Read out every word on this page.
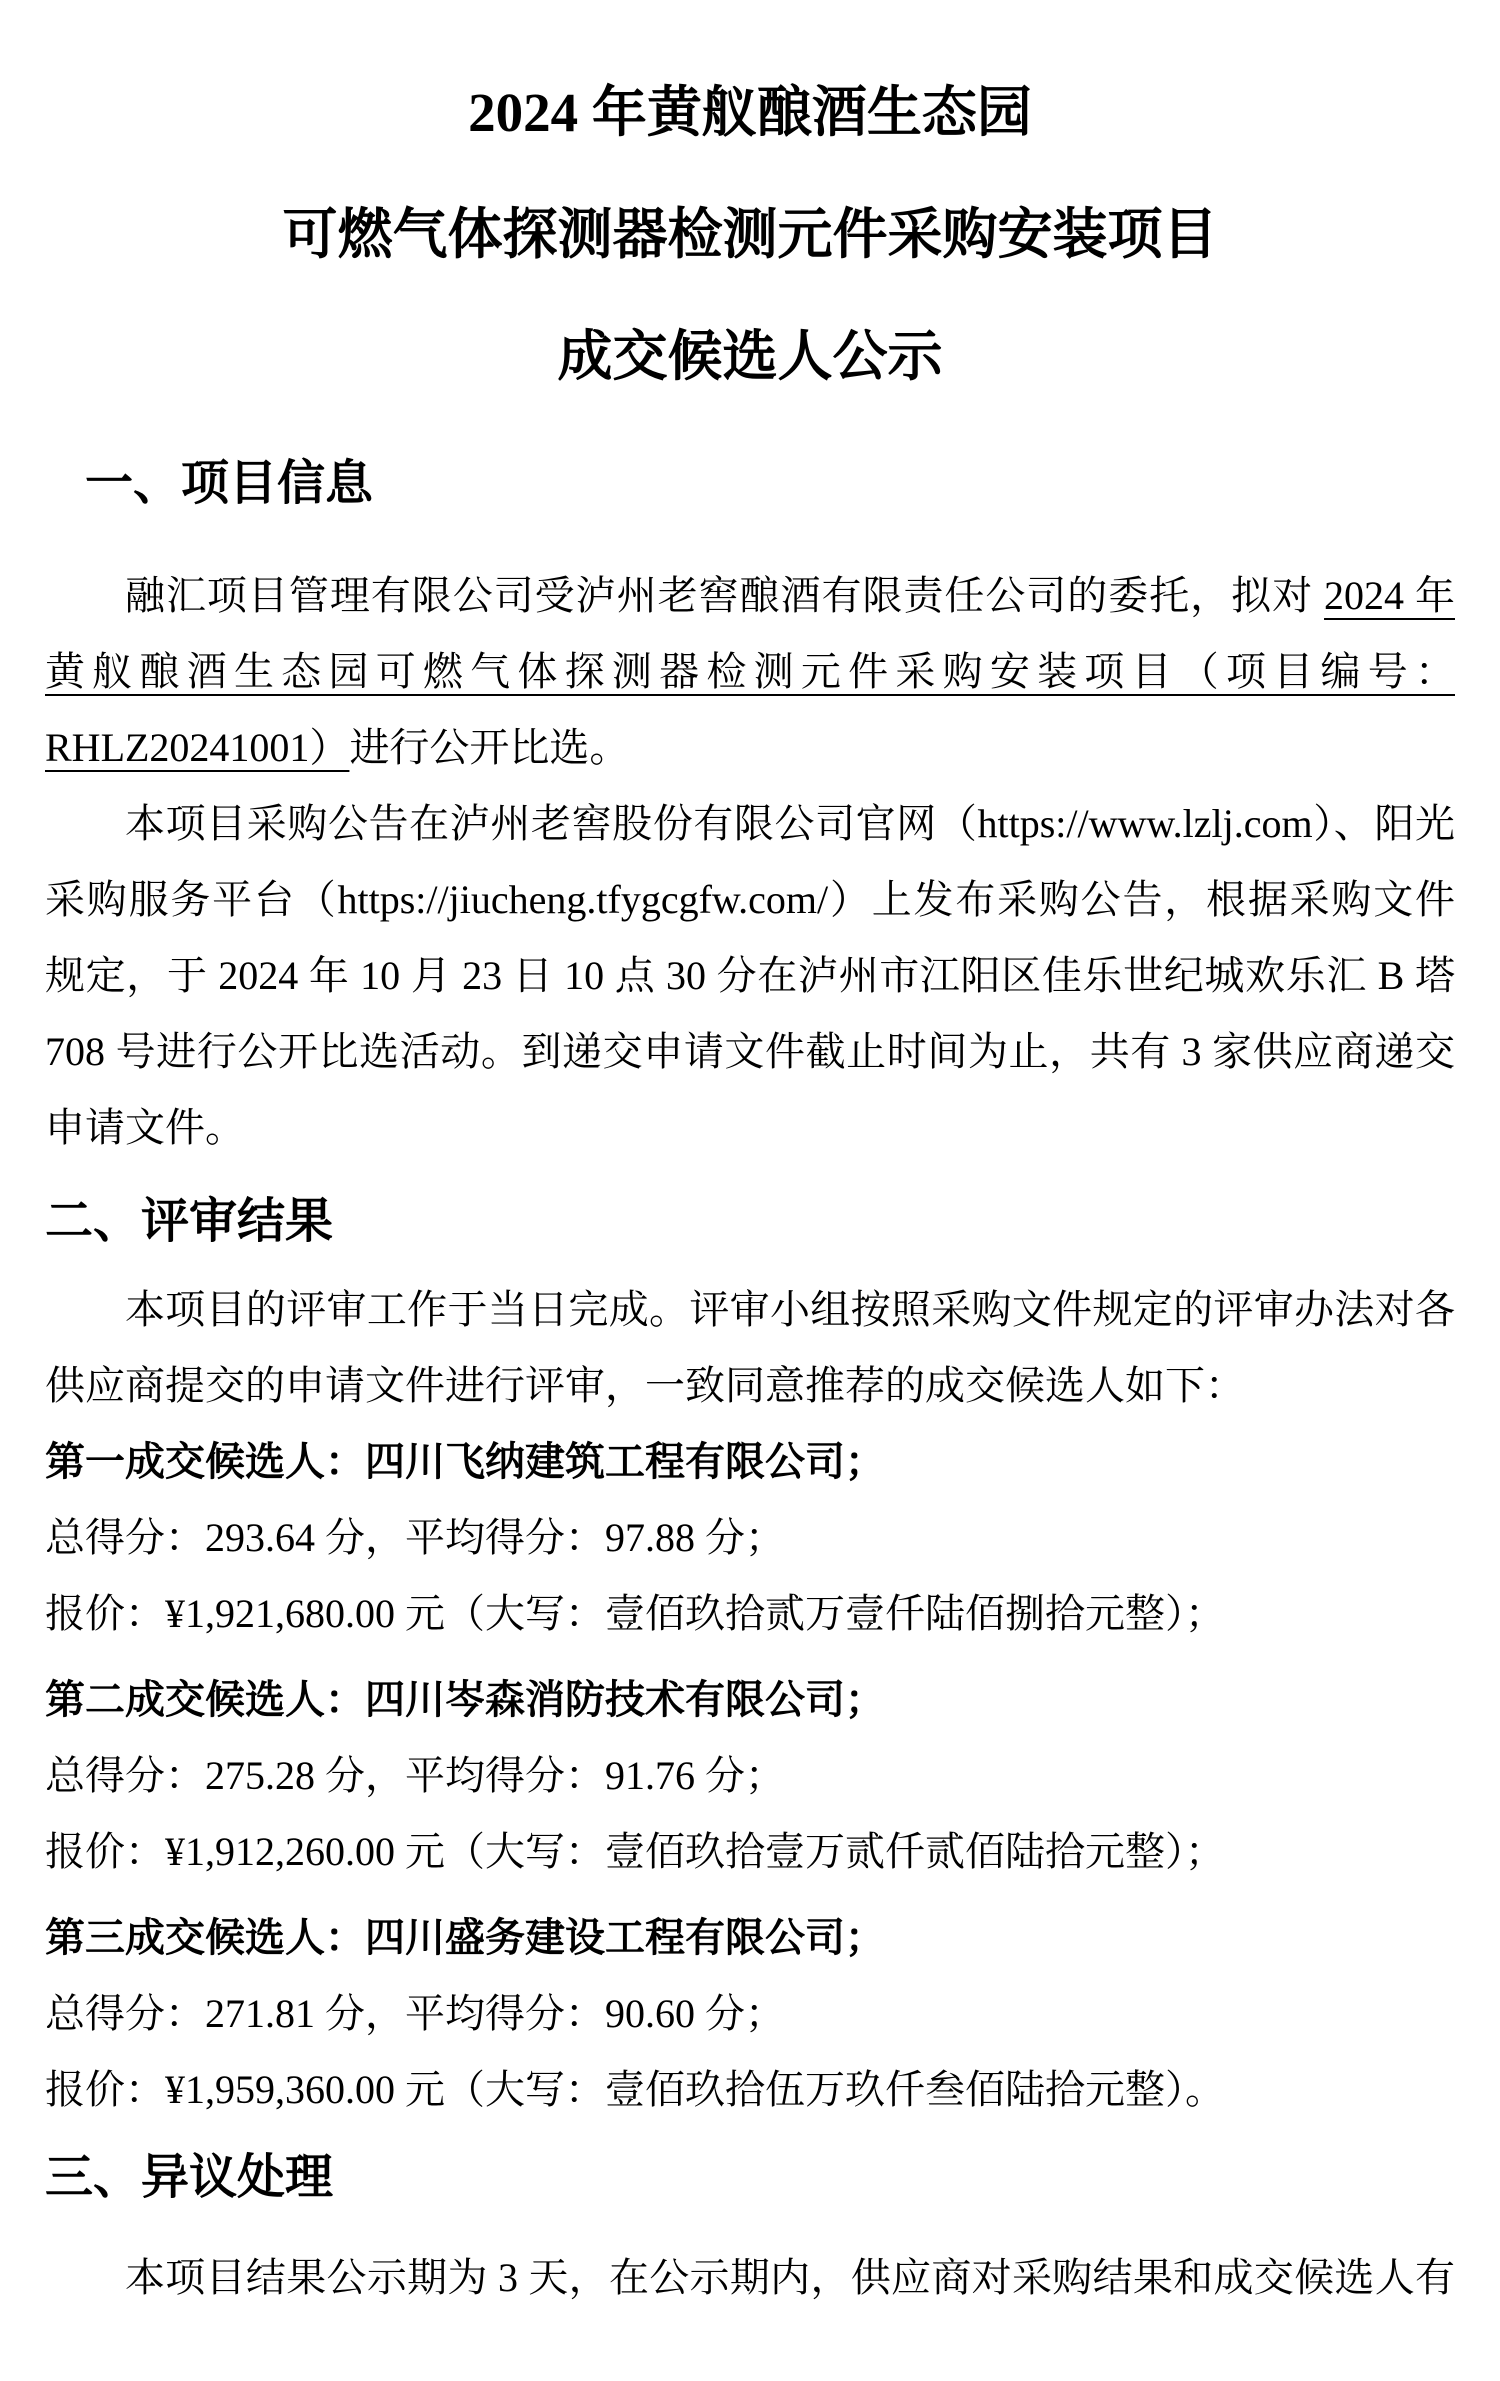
2024 年黄舣酿酒生态园
可燃气体探测器检测元件采购安装项目
成交候选人公示
一、项目信息

融汇项目管理有限公司受泸州老窖酿酒有限责任公司的委托，拟对 2024 年黄舣酿酒生态园可燃气体探测器检测元件采购安装项目（项目编号：RHLZ20241001）进行公开比选。

本项目采购公告在泸州老窖股份有限公司官网（https://www.lzlj.com）、阳光采购服务平台（https://jiucheng.tfygcgfw.com/）上发布采购公告，根据采购文件规定，于 2024 年 10 月 23 日 10 点 30 分在泸州市江阳区佳乐世纪城欢乐汇 B 塔 708 号进行公开比选活动。到递交申请文件截止时间为止，共有 3 家供应商递交申请文件。

二、评审结果

本项目的评审工作于当日完成。评审小组按照采购文件规定的评审办法对各供应商提交的申请文件进行评审，一致同意推荐的成交候选人如下：

第一成交候选人：四川飞纳建筑工程有限公司；

总得分：293.64 分，平均得分：97.88 分；

报价：¥1,921,680.00 元（大写：壹佰玖拾贰万壹仟陆佰捌拾元整）；

第二成交候选人：四川岑森消防技术有限公司；

总得分：275.28 分，平均得分：91.76 分；

报价：¥1,912,260.00 元（大写：壹佰玖拾壹万贰仟贰佰陆拾元整）；

第三成交候选人：四川盛务建设工程有限公司；

总得分：271.81 分，平均得分：90.60 分；

报价：¥1,959,360.00 元（大写：壹佰玖拾伍万玖仟叁佰陆拾元整）。

三、异议处理

本项目结果公示期为 3 天，在公示期内，供应商对采购结果和成交候选人有
